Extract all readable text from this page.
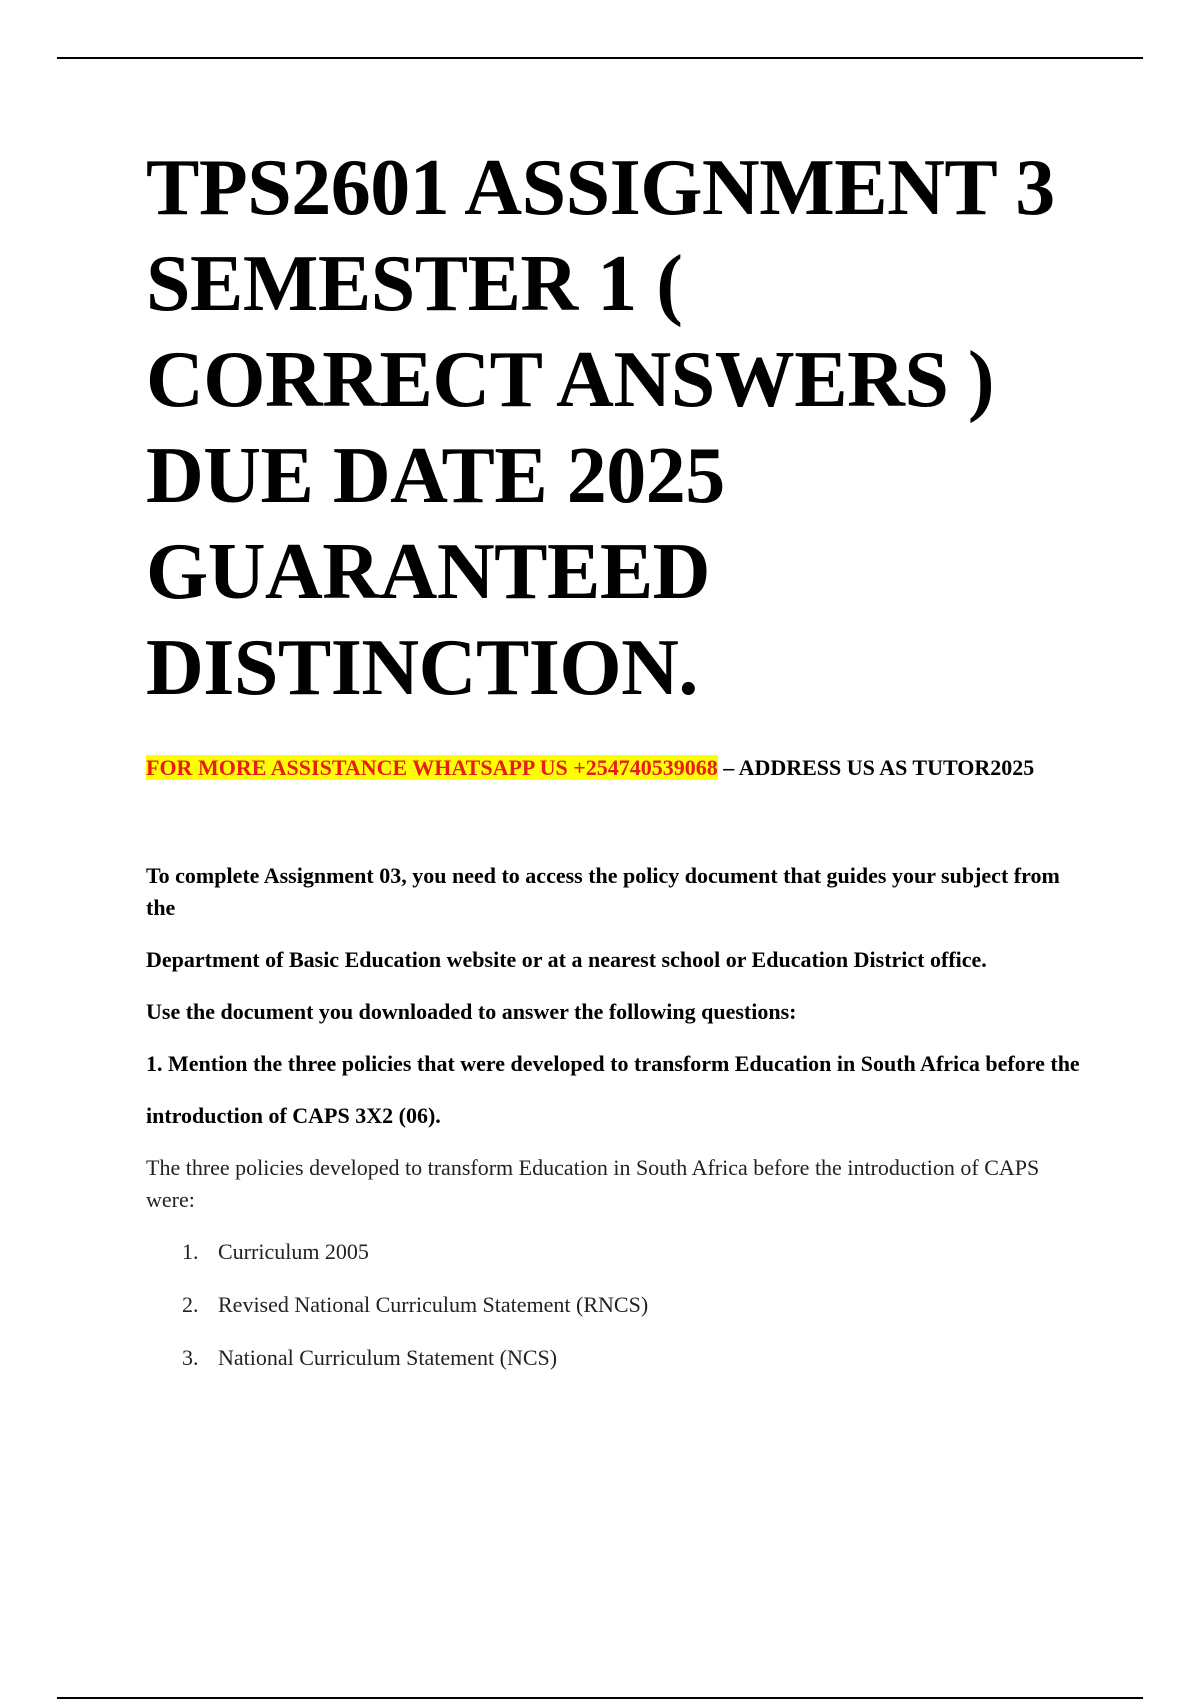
TPS2601 ASSIGNMENT 3 SEMESTER 1 ( CORRECT ANSWERS ) DUE DATE 2025 GUARANTEED DISTINCTION.

FOR MORE ASSISTANCE WHATSAPP US +254740539068 – ADDRESS US AS TUTOR2025

To complete Assignment 03, you need to access the policy document that guides your subject from the

Department of Basic Education website or at a nearest school or Education District office.

Use the document you downloaded to answer the following questions:

1. Mention the three policies that were developed to transform Education in South Africa before the

introduction of CAPS 3X2 (06).

The three policies developed to transform Education in South Africa before the introduction of CAPS were:

1. Curriculum 2005
2. Revised National Curriculum Statement (RNCS)
3. National Curriculum Statement (NCS)
